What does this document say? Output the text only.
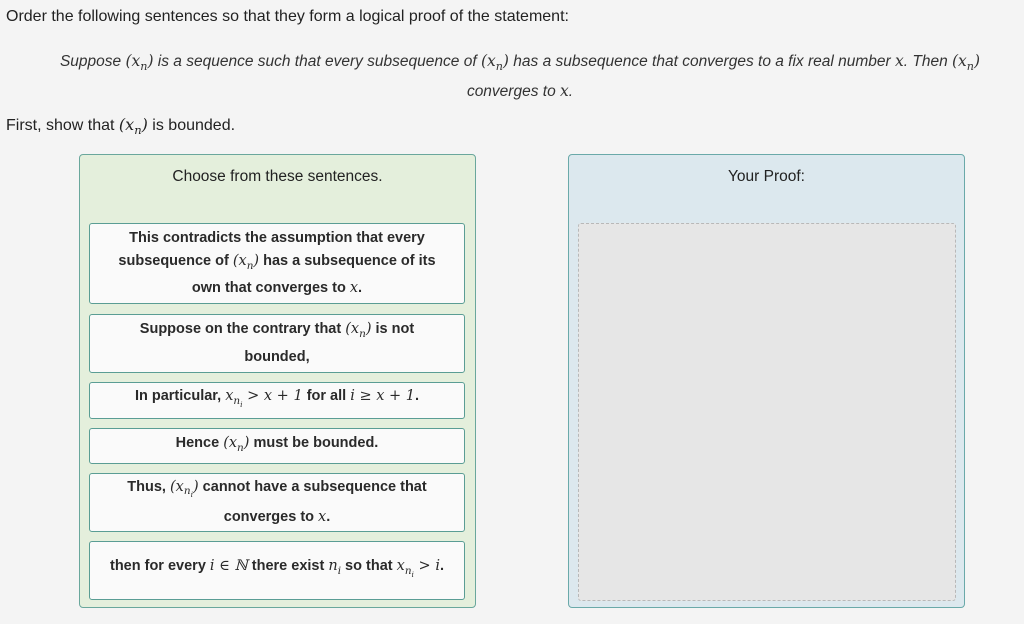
Order the following sentences so that they form a logical proof of the statement:
Suppose $(x_n)$ is a sequence such that every subsequence of $(x_n)$ has a subsequence that converges to a fix real number x. Then $(x_n)$
converges to x.
First, show that $(x_n)$ is bounded.
Choose from these sentences.
This contradicts the assumption that every subsequence of $(x_n)$ has a subsequence of its own that converges to x.
Suppose on the contrary that $(x_n)$ is not bounded,
In particular, $x_{n_i} > x + 1$ for all i ≥ x + 1.
Hence $(x_n)$ must be bounded.
Thus, $(x_{n_i})$ cannot have a subsequence that converges to x.
then for every i ∈ ℕ there exist $n_i$ so that $x_{n_i} > i$.
Your Proof:
